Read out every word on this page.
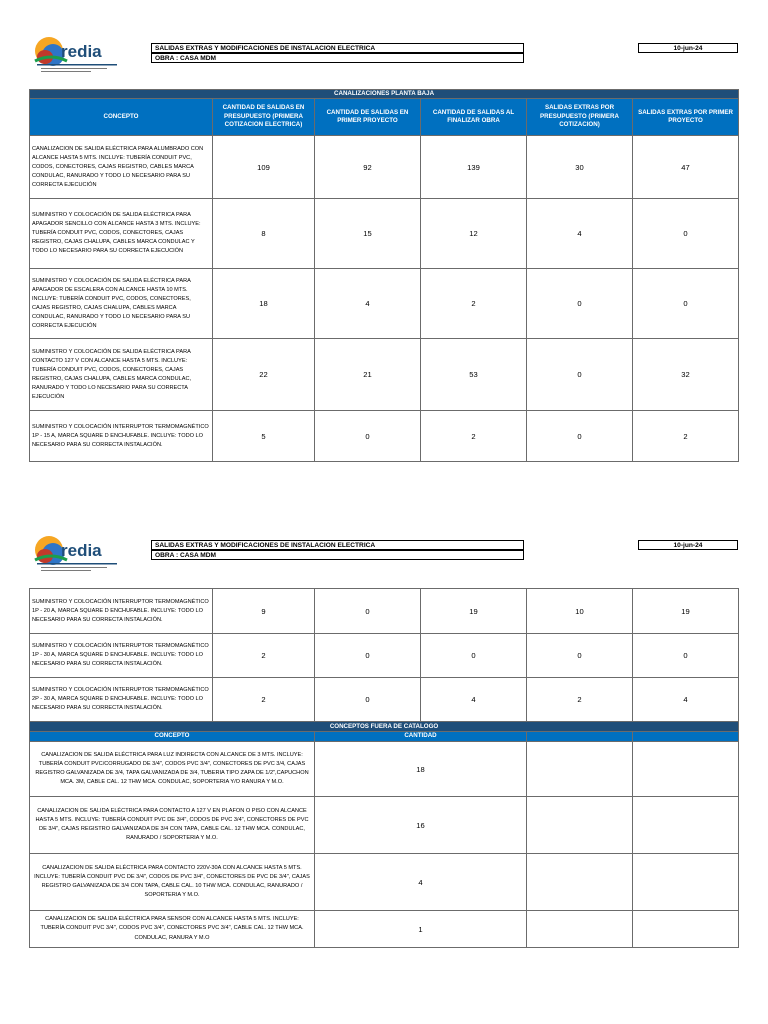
redia	SALIDAS EXTRAS Y MODIFICACIONES DE INSTALACION ELECTRICA
OBRA : CASA MDM
10-jun-24
CANALIZACIONES PLANTA BAJA					
CONCEPTO	CANTIDAD DE SALIDAS EN PRESUPUESTO (PRIMERA COTIZACION ELECTRICA)	CANTIDAD DE SALIDAS EN PRIMER PROYECTO	CANTIDAD DE SALIDAS AL FINALIZAR OBRA	SALIDAS EXTRAS POR PRESUPUESTO (PRIMERA COTIZACION)	SALIDAS EXTRAS POR PRIMER PROYECTO
CANALIZACION DE SALIDA ELÉCTRICA PARA ALUMBRADO CON ALCANCE HASTA 5 MTS. INCLUYE: TUBERÍA CONDUIT PVC, CODOS, CONECTORES, CAJAS REGISTRO, CABLES MARCA CONDULAC, RANURADO Y TODO LO NECESARIO PARA SU CORRECTA EJECUCIÓN	109	92	139	30	47
SUMINISTRO Y COLOCACIÓN DE SALIDA ELÉCTRICA PARA APAGADOR SENCILLO CON ALCANCE HASTA 3 MTS. INCLUYE: TUBERÍA CONDUIT PVC, CODOS, CONECTORES, CAJAS REGISTRO, CAJAS CHALUPA, CABLES MARCA CONDULAC Y TODO LO NECESARIO PARA SU CORRECTA EJECUCIÓN	8	15	12	4	0
SUMINISTRO Y COLOCACIÓN DE SALIDA ELÉCTRICA PARA APAGADOR DE ESCALERA CON ALCANCE HASTA 10 MTS. INCLUYE: TUBERÍA CONDUIT PVC, CODOS, CONECTORES, CAJAS REGISTRO, CAJAS CHALUPA, CABLES MARCA CONDULAC, RANURADO Y TODO LO NECESARIO PARA SU CORRECTA EJECUCIÓN	18	4	2	0	0
SUMINISTRO Y COLOCACIÓN DE SALIDA ELÉCTRICA PARA CONTACTO 127 V CON ALCANCE HASTA 5 MTS. INCLUYE: TUBERÍA CONDUIT PVC, CODOS, CONECTORES, CAJAS REGISTRO, CAJAS CHALUPA, CABLES MARCA CONDULAC, RANURADO Y TODO LO NECESARIO PARA SU CORRECTA EJECUCIÓN	22	21	53	0	32
SUMINISTRO Y COLOCACIÓN INTERRUPTOR TERMOMAGNÉTICO 1P - 15 A, MARCA SQUARE D ENCHUFABLE. INCLUYE: TODO LO NECESARIO PARA SU CORRECTA INSTALACIÓN.	5	0	2	0	2
redia	SALIDAS EXTRAS Y MODIFICACIONES DE INSTALACION ELECTRICA
OBRA : CASA MDM
10-jun-24
SUMINISTRO Y COLOCACIÓN INTERRUPTOR TERMOMAGNÉTICO 1P - 20 A, MARCA SQUARE D ENCHUFABLE. INCLUYE: TODO LO NECESARIO PARA SU CORRECTA INSTALACIÓN.	9	0	19	10	19
SUMINISTRO Y COLOCACIÓN INTERRUPTOR TERMOMAGNÉTICO 1P - 30 A, MARCA SQUARE D ENCHUFABLE. INCLUYE: TODO LO NECESARIO PARA SU CORRECTA INSTALACIÓN.	2	0	0	0	0
SUMINISTRO Y COLOCACIÓN INTERRUPTOR TERMOMAGNÉTICO 2P - 30 A, MARCA SQUARE D ENCHUFABLE. INCLUYE: TODO LO NECESARIO PARA SU CORRECTA INSTALACIÓN.	2	0	4	2	4
CONCEPTOS FUERA DE CATALOGO			
CONCEPTO	CANTIDAD		
CANALIZACION DE SALIDA ELÉCTRICA PARA LUZ INDIRECTA CON ALCANCE DE 3 MTS. INCLUYE: TUBERÍA CONDUIT PVC/CORRUGADO DE 3/4", CODOS PVC 3/4", CONECTORES DE PVC 3/4, CAJAS REGISTRO GALVANIZADA DE 3/4, TAPA GALVANIZADA DE 3/4, TUBERIA TIPO ZAPA DE 1/2",CAPUCHON MCA. 3M, CABLE CAL. 12 THW MCA. CONDULAC, SOPORTERIA Y/O RANURA Y M.O.	18		
CANALIZACION DE SALIDA ELÉCTRICA PARA CONTACTO A 127 V EN PLAFON O PISO CON ALCANCE HASTA 5 MTS. INCLUYE: TUBERÍA CONDUIT PVC DE 3/4", CODOS DE PVC 3/4", CONECTORES DE PVC DE 3/4", CAJAS REGISTRO GALVANIZADA DE 3/4 CON TAPA, CABLE CAL. 12 THW MCA. CONDULAC, RANURADO / SOPORTERIA Y M.O.	16		
CANALIZACION DE SALIDA ELÉCTRICA PARA CONTACTO 220V-30A CON ALCANCE HASTA 5 MTS. INCLUYE: TUBERÍA CONDUIT PVC DE 3/4", CODOS DE PVC 3/4", CONECTORES DE PVC DE 3/4", CAJAS REGISTRO GALVANIZADA DE 3/4 CON TAPA, CABLE CAL. 10 THW MCA. CONDULAC, RANURADO / SOPORTERIA Y M.O.	4		
CANALIZACION DE SALIDA ELÉCTRICA PARA SENSOR CON ALCANCE HASTA 5 MTS. INCLUYE: TUBERÍA CONDUIT PVC 3/4", CODOS PVC 3/4", CONECTORES PVC 3/4", CABLE CAL. 12 THW MCA. CONDULAC, RANURA Y M.O	1		
